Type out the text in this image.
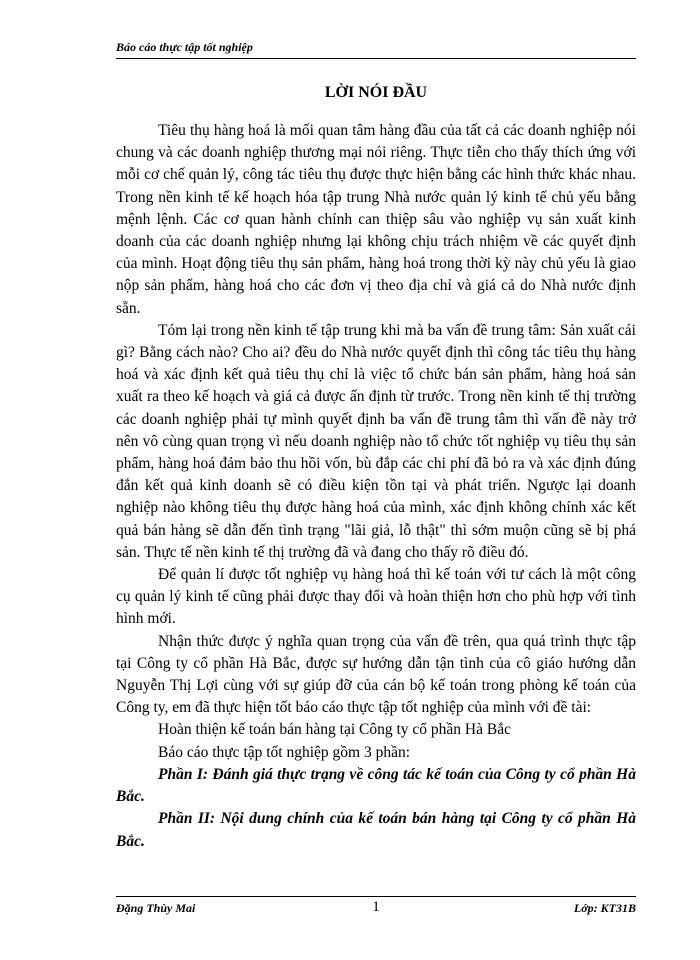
Báo cáo thực tập tốt nghiệp
LỜI NÓI ĐẦU

Tiêu thụ hàng hoá là mối quan tâm hàng đầu của tất cả các doanh nghiệp nói chung và các doanh nghiệp thương mại nói riêng. Thực tiễn cho thấy thích ứng với mỗi cơ chế quản lý, công tác tiêu thụ được thực hiện bằng các hình thức khác nhau. Trong nền kinh tế kế hoạch hóa tập trung Nhà nước quản lý kinh tế chủ yếu bằng mệnh lệnh. Các cơ quan hành chính can thiệp sâu vào nghiệp vụ sản xuất kinh doanh của các doanh nghiệp nhưng lại không chịu trách nhiệm về các quyết định của mình. Hoạt động tiêu thụ sản phẩm, hàng hoá trong thời kỳ này chủ yếu là giao nộp sản phẩm, hàng hoá cho các đơn vị theo địa chỉ và giá cả do Nhà nước định sẵn.

Tóm lại trong nền kinh tế tập trung khi mà ba vấn đề trung tâm: Sản xuất cái gì? Bằng cách nào? Cho ai? đều do Nhà nước quyết định thì công tác tiêu thụ hàng hoá và xác định kết quả tiêu thụ chỉ là việc tổ chức bán sản phẩm, hàng hoá sản xuất ra theo kế hoạch và giá cả được ấn định từ trước. Trong nền kinh tế thị trường các doanh nghiệp phải tự mình quyết định ba vấn đề trung tâm thì vấn đề này trở nên vô cùng quan trọng vì nếu doanh nghiệp nào tổ chức tốt nghiệp vụ tiêu thụ sản phẩm, hàng hoá đảm bảo thu hồi vốn, bù đắp các chi phí đã bỏ ra và xác định đúng đắn kết quả kinh doanh sẽ có điều kiện tồn tại và phát triển. Ngược lại doanh nghiệp nào không tiêu thụ được hàng hoá của mình, xác định không chính xác kết quả bán hàng sẽ dẫn đến tình trạng "lãi giả, lỗ thật" thì sớm muộn cũng sẽ bị phá sản. Thực tế nền kinh tế thị trường đã và đang cho thấy rõ điều đó.

Để quản lí được tốt nghiệp vụ hàng hoá thì kế toán với tư cách là một công cụ quản lý kinh tế cũng phải được thay đổi và hoàn thiện hơn cho phù hợp với tình hình mới.

Nhận thức được ý nghĩa quan trọng của vấn đề trên, qua quá trình thực tập tại Công ty cổ phần Hà Bắc, được sự hướng dẫn tận tình của cô giáo hướng dẫn Nguyễn Thị Lợi cùng với sự giúp đỡ của cán bộ kế toán trong phòng kế toán của Công ty, em đã thực hiện tốt báo cáo thực tập tốt nghiệp của mình với đề tài:

Hoàn thiện kế toán bán hàng tại Công ty cổ phần Hà Bắc

Báo cáo thực tập tốt nghiệp gồm 3 phần:

Phần I: Đánh giá thực trạng về công tác kế toán của Công ty cổ phần Hà Bắc.

Phần II: Nội dung chính của kế toán bán hàng tại Công ty cổ phần Hà Bắc.

Đặng Thùy Mai	1	Lớp: KT31B
